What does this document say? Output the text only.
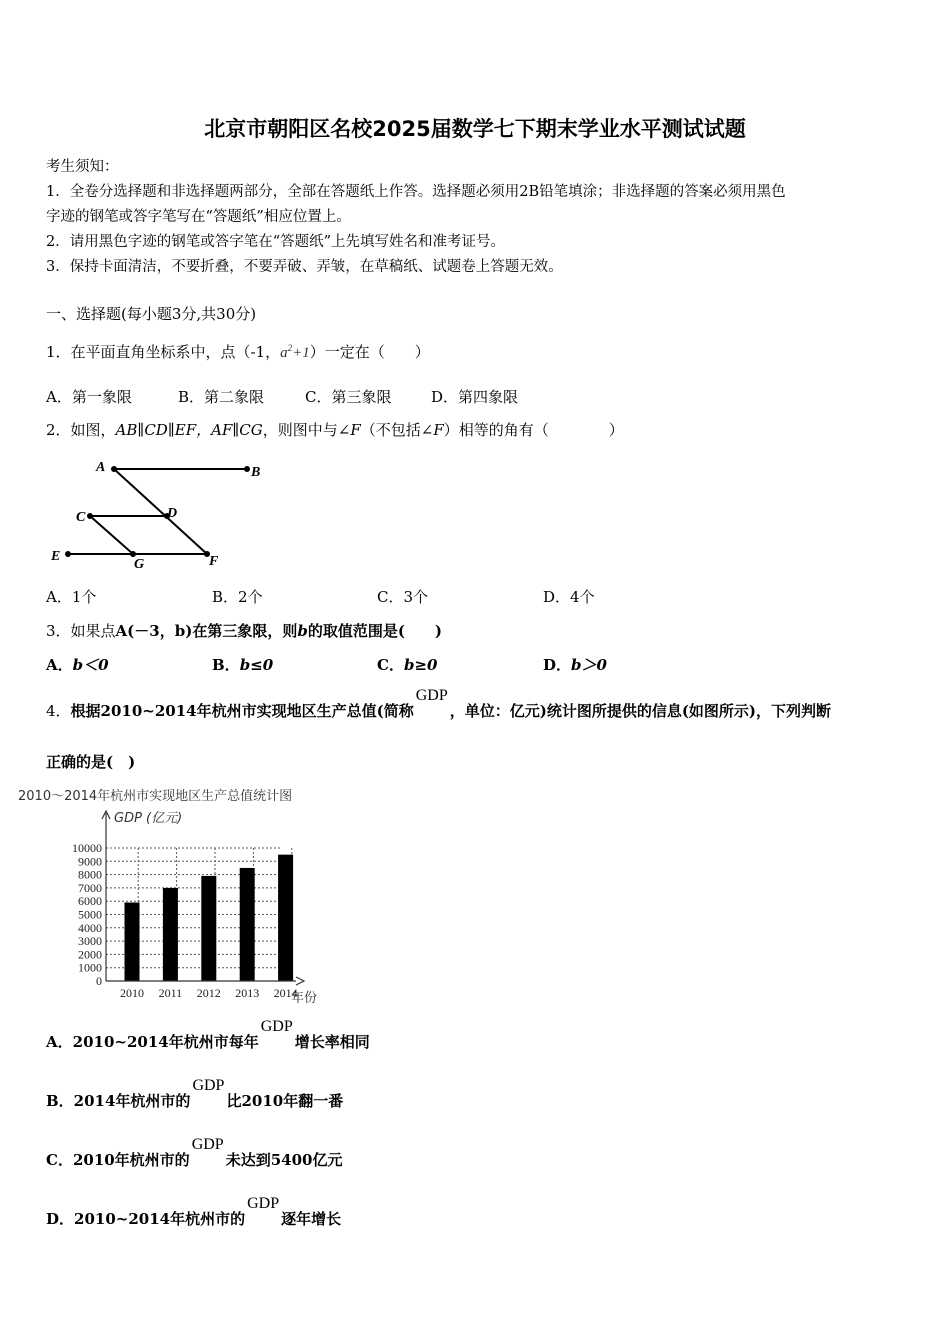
北京市朝阳区名校2025届数学七下期末学业水平测试试题
考生须知：
1．全卷分选择题和非选择题两部分，全部在答题纸上作答。选择题必须用2B铅笔填涂；非选择题的答案必须用黑色
字迹的钢笔或答字笔写在“答题纸”相应位置上。
2．请用黑色字迹的钢笔或答字笔在“答题纸”上先填写姓名和准考证号。
3．保持卡面清洁，不要折叠，不要弄破、弄皱，在草稿纸、试题卷上答题无效。
一、选择题(每小题3分,共30分)
1．在平面直角坐标系中，点（-1，$a^2+1$）一定在（　　）
A．第一象限	B．第二象限	C．第三象限	D．第四象限
2．如图，AB∥CD∥EF，AF∥CG，则图中与∠F（不包括∠F）相等的角有（　　　　）
A	B
C	D
E	F
G
A．1个	B．2个	C．3个	D．4个
3．如果点A(－3，b)在第三象限，则b的取值范围是(　　)
A．b＜0	B．b≤0	C．b≥0	D．b＞0
4．根据2010~2014年杭州市实现地区生产总值(简称GDP，单位：亿元)统计图所提供的信息(如图所示)，下列判断
正确的是(　)
2010～2014年杭州市实现地区生产总值统计图
GDP (亿元)
年份
0
1000
2000
3000
4000
5000
6000
7000
8000
9000
10000
2010 2011 2012 2013 2014
A．2010~2014年杭州市每年GDP增长率相同
B．2014年杭州市的GDP比2010年翻一番
C．2010年杭州市的GDP未达到5400亿元
D．2010~2014年杭州市的GDP逐年增长
